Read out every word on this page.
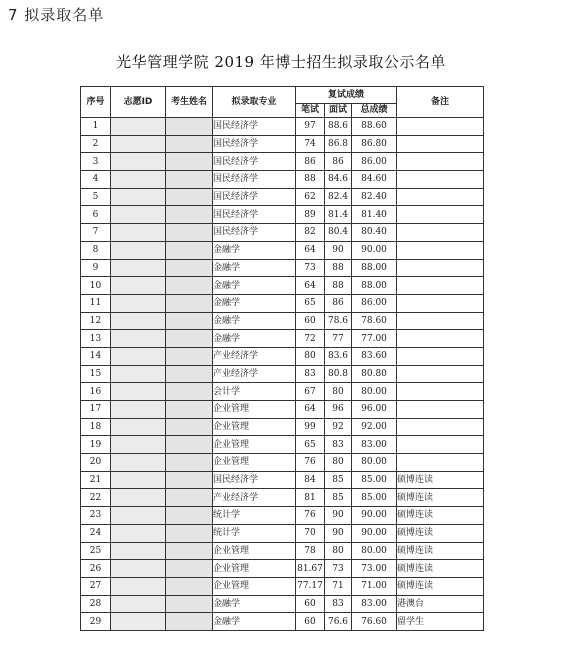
7 拟录取名单
光华管理学院 2019 年博士招生拟录取公示名单
序号	志愿ID	考生姓名	拟录取专业	复试成绩			备注
				笔试	面试	总成绩	
1			国民经济学	97	88.6	88.60	
2			国民经济学	74	86.8	86.80	
3			国民经济学	86	86	86.00	
4			国民经济学	88	84.6	84.60	
5			国民经济学	62	82.4	82.40	
6			国民经济学	89	81.4	81.40	
7			国民经济学	82	80.4	80.40	
8			金融学	64	90	90.00	
9			金融学	73	88	88.00	
10			金融学	64	88	88.00	
11			金融学	65	86	86.00	
12			金融学	60	78.6	78.60	
13			金融学	72	77	77.00	
14			产业经济学	80	83.6	83.60	
15			产业经济学	83	80.8	80.80	
16			会计学	67	80	80.00	
17			企业管理	64	96	96.00	
18			企业管理	99	92	92.00	
19			企业管理	65	83	83.00	
20			企业管理	76	80	80.00	
21			国民经济学	84	85	85.00	硕博连读
22			产业经济学	81	85	85.00	硕博连读
23			统计学	76	90	90.00	硕博连读
24			统计学	70	90	90.00	硕博连读
25			企业管理	78	80	80.00	硕博连读
26			企业管理	81.67	73	73.00	硕博连读
27			企业管理	77.17	71	71.00	硕博连读
28			金融学	60	83	83.00	港澳台
29			金融学	60	76.6	76.60	留学生
